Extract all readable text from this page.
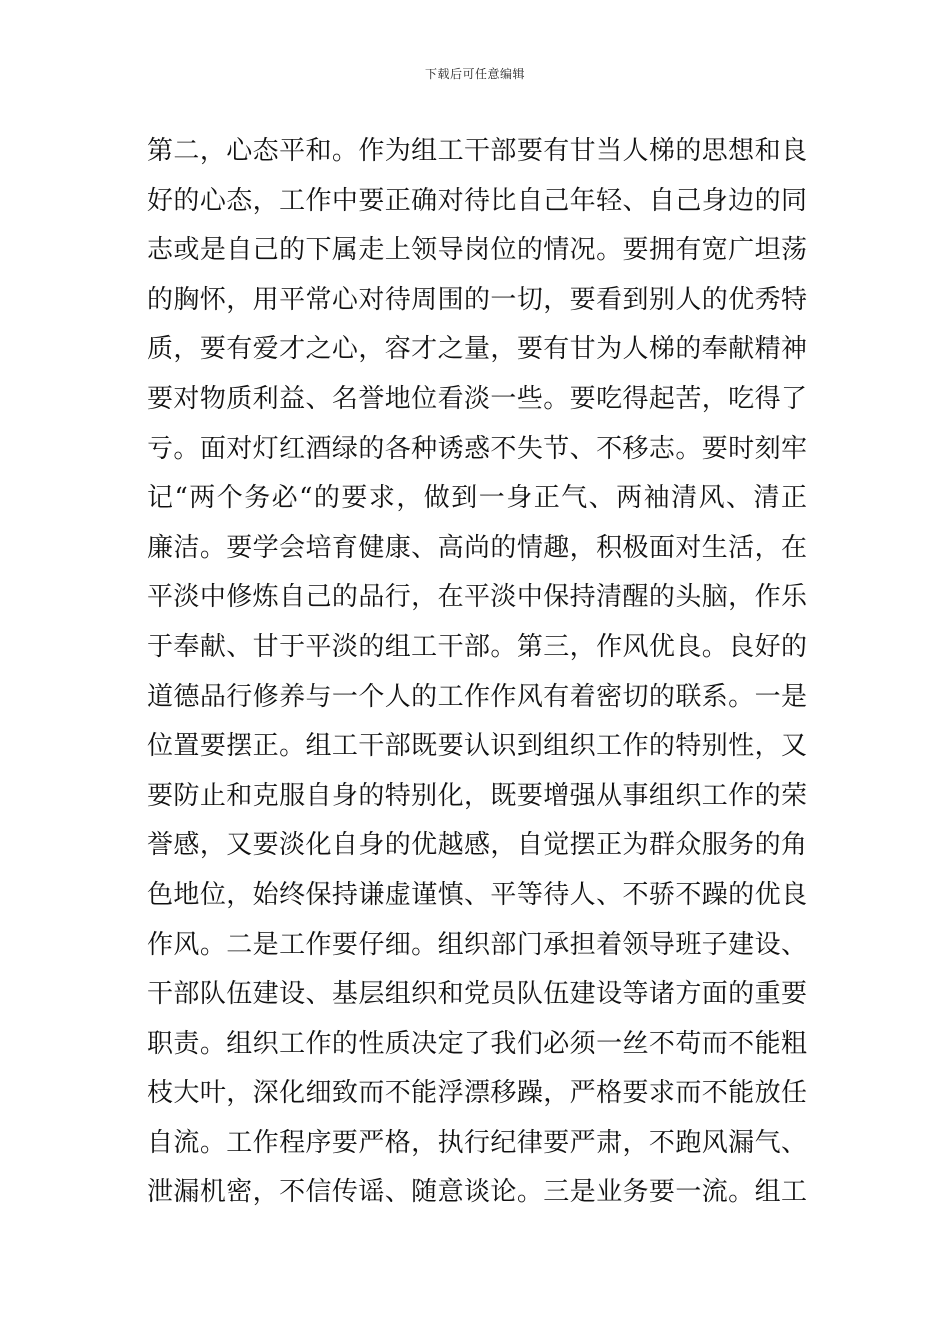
下载后可任意编辑
第二，心态平和。作为组工干部要有甘当人梯的思想和良
好的心态，工作中要正确对待比自己年轻、自己身边的同
志或是自己的下属走上领导岗位的情况。要拥有宽广坦荡
的胸怀，用平常心对待周围的一切，要看到别人的优秀特
质，要有爱才之心，容才之量，要有甘为人梯的奉献精神
要对物质利益、名誉地位看淡一些。要吃得起苦，吃得了
亏。面对灯红酒绿的各种诱惑不失节、不移志。要时刻牢
记“两个务必“的要求，做到一身正气、两袖清风、清正
廉洁。要学会培育健康、高尚的情趣，积极面对生活，在
平淡中修炼自己的品行，在平淡中保持清醒的头脑，作乐
于奉献、甘于平淡的组工干部。第三，作风优良。良好的
道德品行修养与一个人的工作作风有着密切的联系。一是
位置要摆正。组工干部既要认识到组织工作的特别性，又
要防止和克服自身的特别化，既要增强从事组织工作的荣
誉感，又要淡化自身的优越感，自觉摆正为群众服务的角
色地位，始终保持谦虚谨慎、平等待人、不骄不躁的优良
作风。二是工作要仔细。组织部门承担着领导班子建设、
干部队伍建设、基层组织和党员队伍建设等诸方面的重要
职责。组织工作的性质决定了我们必须一丝不苟而不能粗
枝大叶，深化细致而不能浮漂移躁，严格要求而不能放任
自流。工作程序要严格，执行纪律要严肃，不跑风漏气、
泄漏机密，不信传谣、随意谈论。三是业务要一流。组工
